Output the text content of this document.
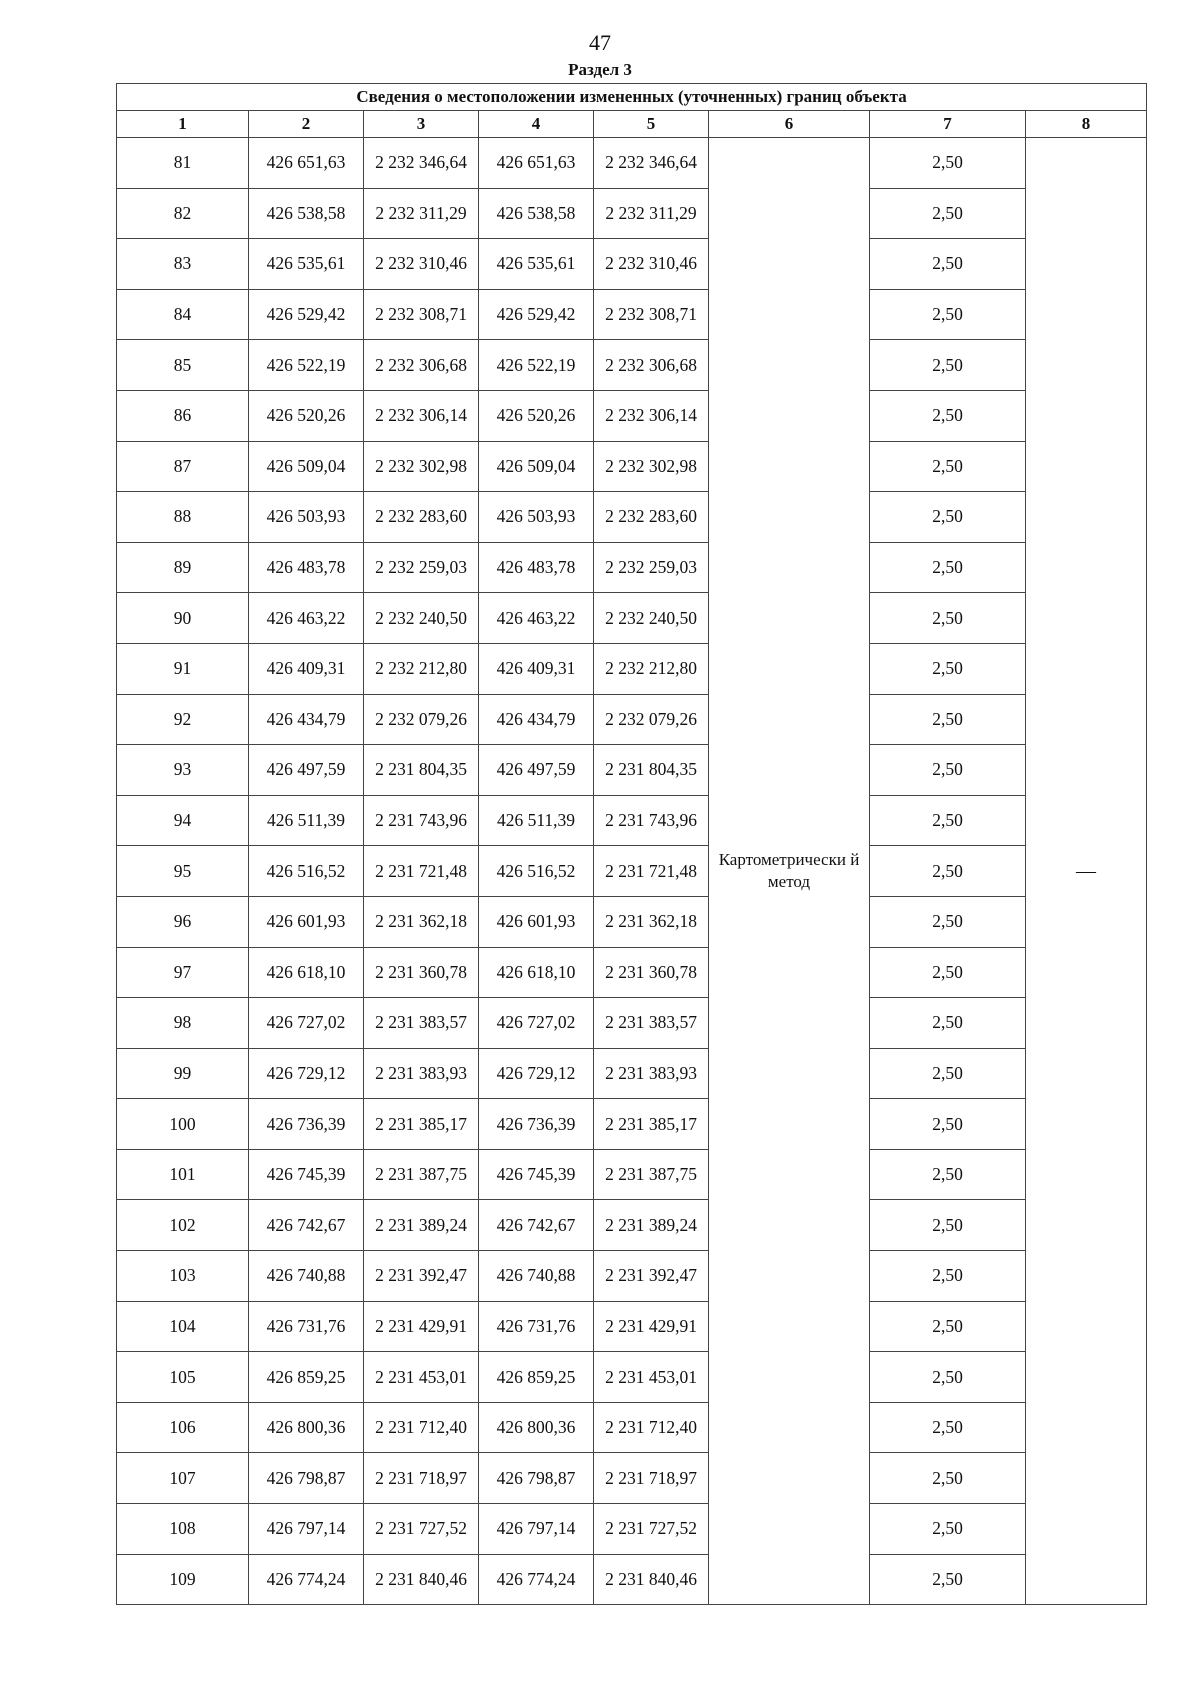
47
Раздел 3
Сведения о местоположении измененных (уточненных) границ объекта							
1	2	3	4	5	6	7	8
81	426 651,63	2 232 346,64	426 651,63	2 232 346,64	Картометрически й метод	2,50	—
82	426 538,58	2 232 311,29	426 538,58	2 232 311,29		2,50	
83	426 535,61	2 232 310,46	426 535,61	2 232 310,46		2,50	
84	426 529,42	2 232 308,71	426 529,42	2 232 308,71		2,50	
85	426 522,19	2 232 306,68	426 522,19	2 232 306,68		2,50	
86	426 520,26	2 232 306,14	426 520,26	2 232 306,14		2,50	
87	426 509,04	2 232 302,98	426 509,04	2 232 302,98		2,50	
88	426 503,93	2 232 283,60	426 503,93	2 232 283,60		2,50	
89	426 483,78	2 232 259,03	426 483,78	2 232 259,03		2,50	
90	426 463,22	2 232 240,50	426 463,22	2 232 240,50		2,50	
91	426 409,31	2 232 212,80	426 409,31	2 232 212,80		2,50	
92	426 434,79	2 232 079,26	426 434,79	2 232 079,26		2,50	
93	426 497,59	2 231 804,35	426 497,59	2 231 804,35		2,50	
94	426 511,39	2 231 743,96	426 511,39	2 231 743,96		2,50	
95	426 516,52	2 231 721,48	426 516,52	2 231 721,48		2,50	
96	426 601,93	2 231 362,18	426 601,93	2 231 362,18		2,50	
97	426 618,10	2 231 360,78	426 618,10	2 231 360,78		2,50	
98	426 727,02	2 231 383,57	426 727,02	2 231 383,57		2,50	
99	426 729,12	2 231 383,93	426 729,12	2 231 383,93		2,50	
100	426 736,39	2 231 385,17	426 736,39	2 231 385,17		2,50	
101	426 745,39	2 231 387,75	426 745,39	2 231 387,75		2,50	
102	426 742,67	2 231 389,24	426 742,67	2 231 389,24		2,50	
103	426 740,88	2 231 392,47	426 740,88	2 231 392,47		2,50	
104	426 731,76	2 231 429,91	426 731,76	2 231 429,91		2,50	
105	426 859,25	2 231 453,01	426 859,25	2 231 453,01		2,50	
106	426 800,36	2 231 712,40	426 800,36	2 231 712,40		2,50	
107	426 798,87	2 231 718,97	426 798,87	2 231 718,97		2,50	
108	426 797,14	2 231 727,52	426 797,14	2 231 727,52		2,50	
109	426 774,24	2 231 840,46	426 774,24	2 231 840,46		2,50	
